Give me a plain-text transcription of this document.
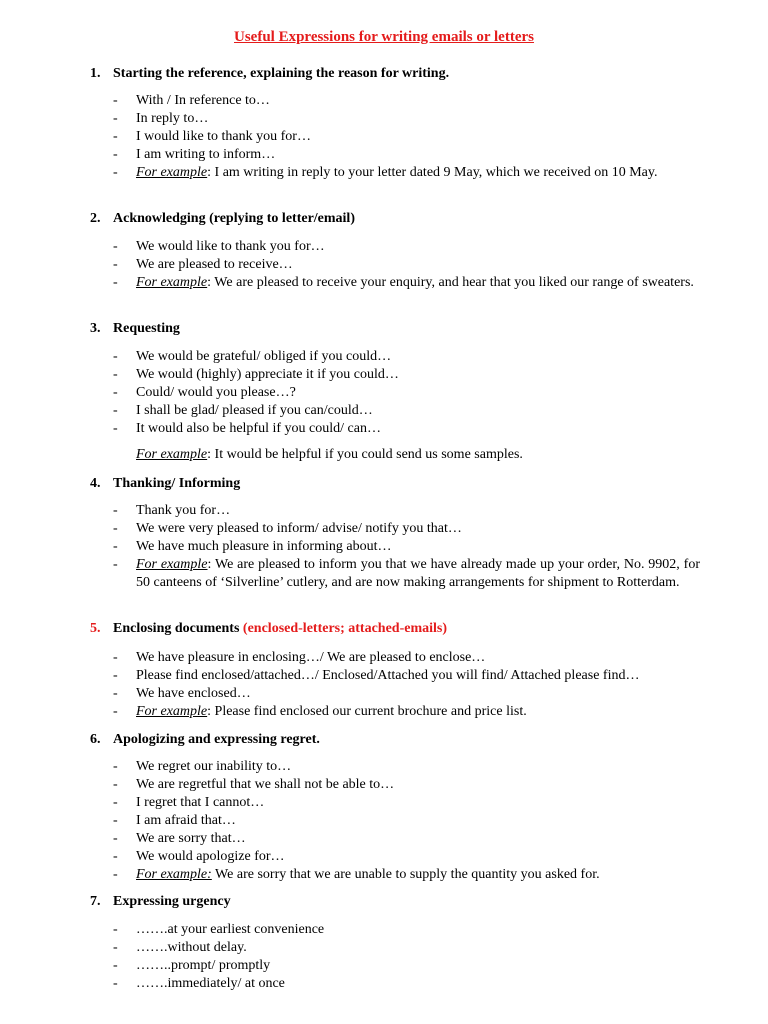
Useful Expressions for writing emails or letters
1. Starting the reference, explaining the reason for writing.
- With / In reference to…
- In reply to…
- I would like to thank you for…
- I am writing to inform…
- For example: I am writing in reply to your letter dated 9 May, which we received on 10 May.
2. Acknowledging (replying to letter/email)
- We would like to thank you for…
- We are pleased to receive…
- For example: We are pleased to receive your enquiry, and hear that you liked our range of sweaters.
3. Requesting
- We would be grateful/ obliged if you could…
- We would (highly) appreciate it if you could…
- Could/ would you please…?
- I shall be glad/ pleased if you can/could…
- It would also be helpful if you could/ can…
For example: It would be helpful if you could send us some samples.
4. Thanking/ Informing
- Thank you for…
- We were very pleased to inform/ advise/ notify you that…
- We have much pleasure in informing about…
- For example: We are pleased to inform you that we have already made up your order, No. 9902, for 50 canteens of ‘Silverline’ cutlery, and are now making arrangements for shipment to Rotterdam.
5. Enclosing documents (enclosed-letters; attached-emails)
- We have pleasure in enclosing…/ We are pleased to enclose…
- Please find enclosed/attached…/ Enclosed/Attached you will find/ Attached please find…
- We have enclosed…
- For example: Please find enclosed our current brochure and price list.
6. Apologizing and expressing regret.
- We regret our inability to…
- We are regretful that we shall not be able to…
- I regret that I cannot…
- I am afraid that…
- We are sorry that…
- We would apologize for…
- For example: We are sorry that we are unable to supply the quantity you asked for.
7. Expressing urgency
- …….at your earliest convenience
- …….without delay.
- ……..prompt/ promptly
- …….immediately/ at once
